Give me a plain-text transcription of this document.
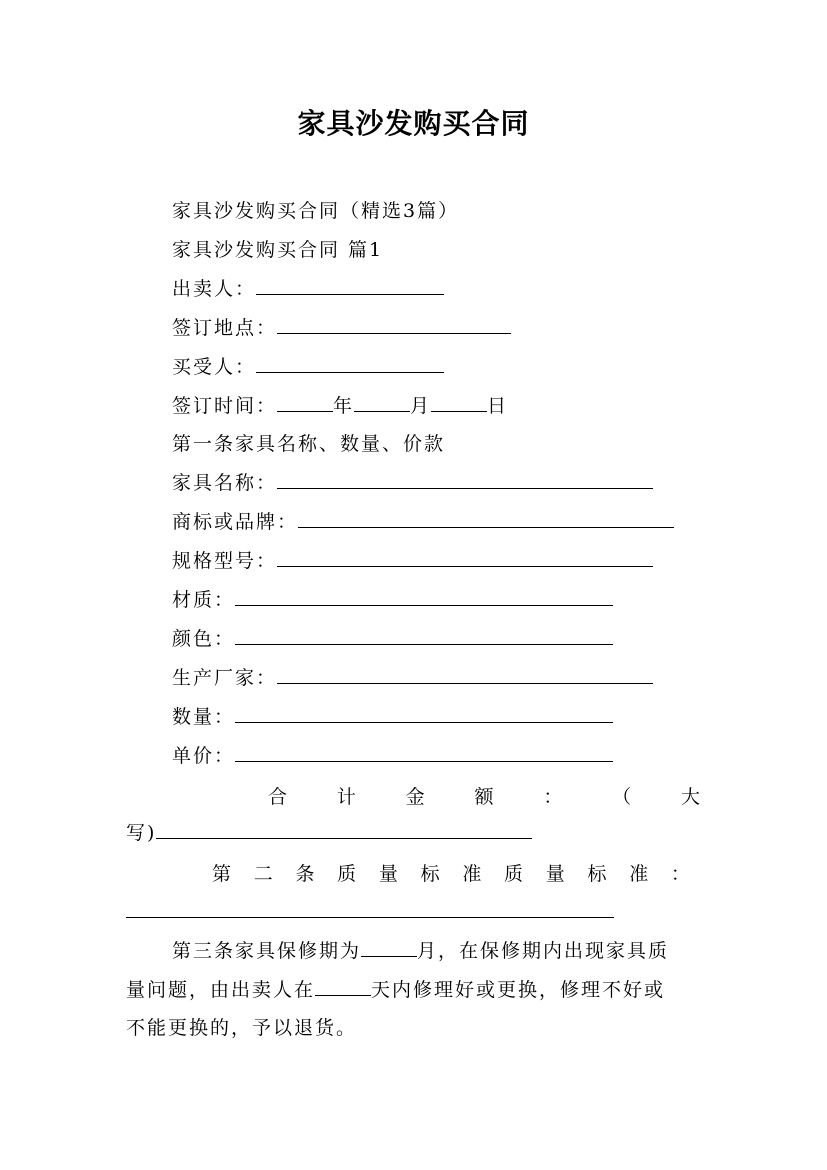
家具沙发购买合同
家具沙发购买合同（精选3篇）
家具沙发购买合同 篇1
出卖人：
签订地点：
买受人：
签订时间：	年	月	日
第一条家具名称、数量、价款
家具名称：
商标或品牌：
规格型号：
材质：
颜色：
生产厂家：
数量：
单价：
合	计	金	额	：	（	大
写)
第 二 条 质 量 标 准 质 量 标 准 ：
第三条家具保修期为	月，在保修期内出现家具质
量问题，由出卖人在	天内修理好或更换，修理不好或
不能更换的，予以退货。
